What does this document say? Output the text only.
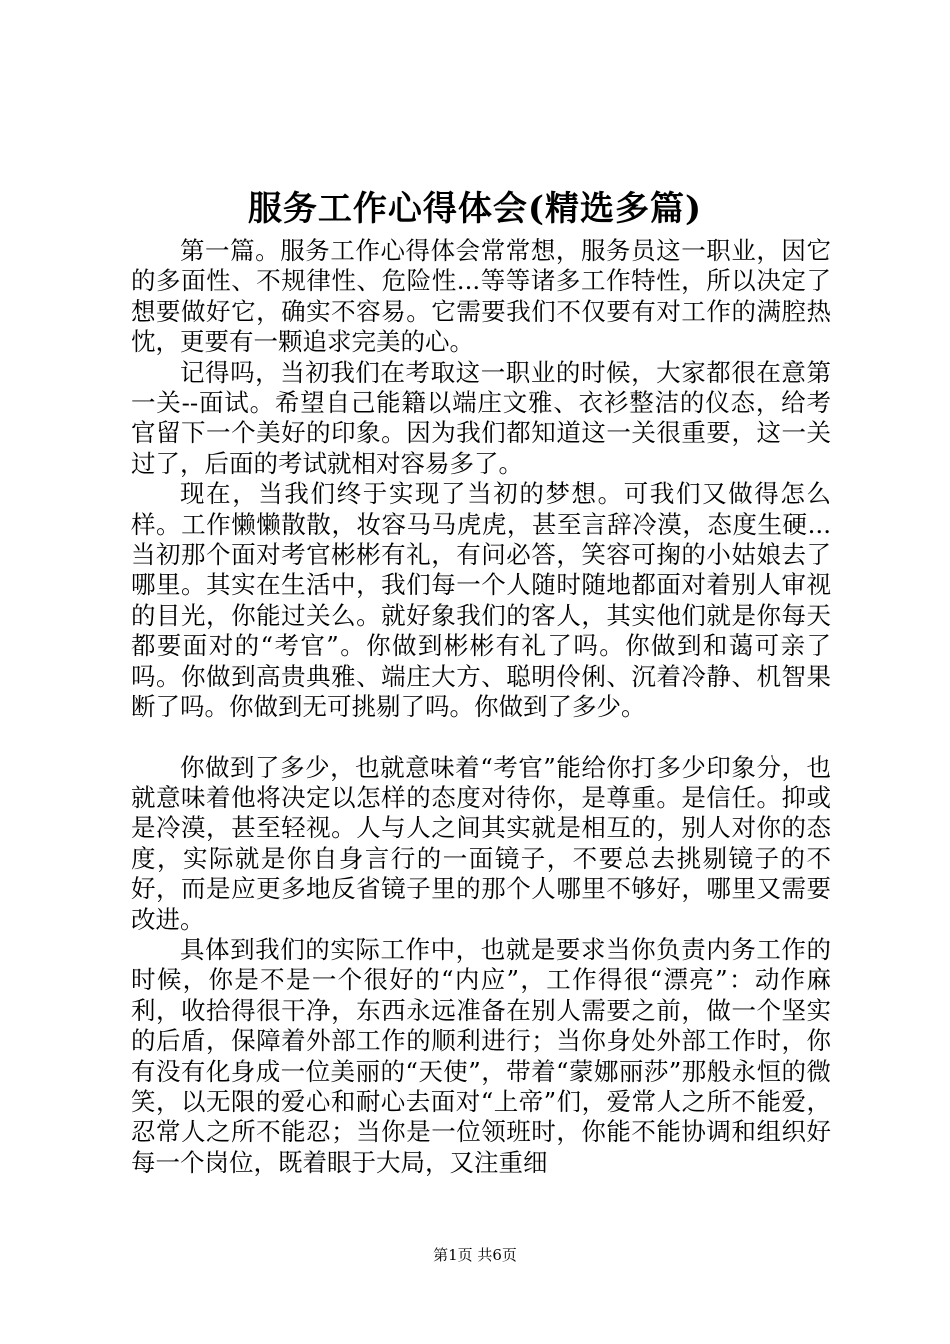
服务工作心得体会(精选多篇)

第一篇。服务工作心得体会常常想，服务员这一职业，因它的多面性、不规律性、危险性...等等诸多工作特性，所以决定了想要做好它，确实不容易。它需要我们不仅要有对工作的满腔热忱，更要有一颗追求完美的心。

记得吗，当初我们在考取这一职业的时候，大家都很在意第一关--面试。希望自己能籍以端庄文雅、衣衫整洁的仪态，给考官留下一个美好的印象。因为我们都知道这一关很重要，这一关过了，后面的考试就相对容易多了。

现在，当我们终于实现了当初的梦想。可我们又做得怎么样。工作懒懒散散，妆容马马虎虎，甚至言辞冷漠，态度生硬...当初那个面对考官彬彬有礼，有问必答，笑容可掬的小姑娘去了哪里。其实在生活中，我们每一个人随时随地都面对着别人审视的目光，你能过关么。就好象我们的客人，其实他们就是你每天都要面对的“考官”。你做到彬彬有礼了吗。你做到和蔼可亲了吗。你做到高贵典雅、端庄大方、聪明伶俐、沉着冷静、机智果断了吗。你做到无可挑剔了吗。你做到了多少。

你做到了多少，也就意味着“考官”能给你打多少印象分，也就意味着他将决定以怎样的态度对待你，是尊重。是信任。抑或是冷漠，甚至轻视。人与人之间其实就是相互的，别人对你的态度，实际就是你自身言行的一面镜子，不要总去挑剔镜子的不好，而是应更多地反省镜子里的那个人哪里不够好，哪里又需要改进。

具体到我们的实际工作中，也就是要求当你负责内务工作的时候，你是不是一个很好的“内应”，工作得很“漂亮”：动作麻利，收拾得很干净，东西永远准备在别人需要之前，做一个坚实的后盾，保障着外部工作的顺利进行；当你身处外部工作时，你有没有化身成一位美丽的“天使”，带着“蒙娜丽莎”那般永恒的微笑，以无限的爱心和耐心去面对“上帝”们，爱常人之所不能爱，忍常人之所不能忍；当你是一位领班时，你能不能协调和组织好每一个岗位，既着眼于大局，又注重细

第1页 共6页
